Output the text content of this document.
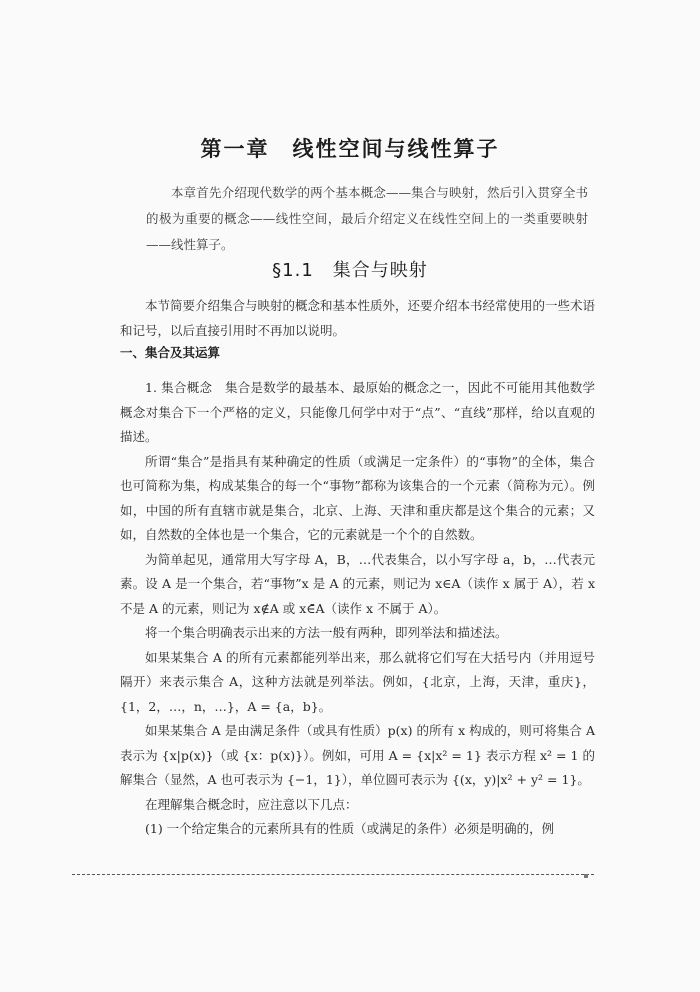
第一章　线性空间与线性算子
本章首先介绍现代数学的两个基本概念——集合与映射，然后引入贯穿全书的极为重要的概念——线性空间，最后介绍定义在线性空间上的一类重要映射——线性算子。
§1.1　集合与映射

本节简要介绍集合与映射的概念和基本性质外，还要介绍本书经常使用的一些术语和记号，以后直接引用时不再加以说明。

一、集合及其运算

1. 集合概念　集合是数学的最基本、最原始的概念之一，因此不可能用其他数学概念对集合下一个严格的定义，只能像几何学中对于“点”、“直线”那样，给以直观的描述。

所谓“集合”是指具有某种确定的性质（或满足一定条件）的“事物”的全体，集合也可简称为集，构成某集合的每一个“事物”都称为该集合的一个元素（简称为元）。例如，中国的所有直辖市就是集合，北京、上海、天津和重庆都是这个集合的元素；又如，自然数的全体也是一个集合，它的元素就是一个个的自然数。

为简单起见，通常用大写字母 A，B，…代表集合，以小写字母 a，b，…代表元素。设 A 是一个集合，若“事物”x 是 A 的元素，则记为 x∈A（读作 x 属于 A），若 x 不是 A 的元素，则记为 x∉A 或 x∈̄A（读作 x 不属于 A）。

将一个集合明确表示出来的方法一般有两种，即列举法和描述法。

如果某集合 A 的所有元素都能列举出来，那么就将它们写在大括号内（并用逗号隔开）来表示集合 A，这种方法就是列举法。例如，{北京，上海，天津，重庆}，{1，2，…，n，…}，A = {a，b}。

如果某集合 A 是由满足条件（或具有性质）p(x) 的所有 x 构成的，则可将集合 A 表示为 {x|p(x)}（或 {x：p(x)}）。例如，可用 A = {x|x² = 1} 表示方程 x² = 1 的解集合（显然，A 也可表示为 {−1，1}），单位圆可表示为 {(x，y)|x² + y² = 1}。

在理解集合概念时，应注意以下几点：

(1) 一个给定集合的元素所具有的性质（或满足的条件）必须是明确的，例
